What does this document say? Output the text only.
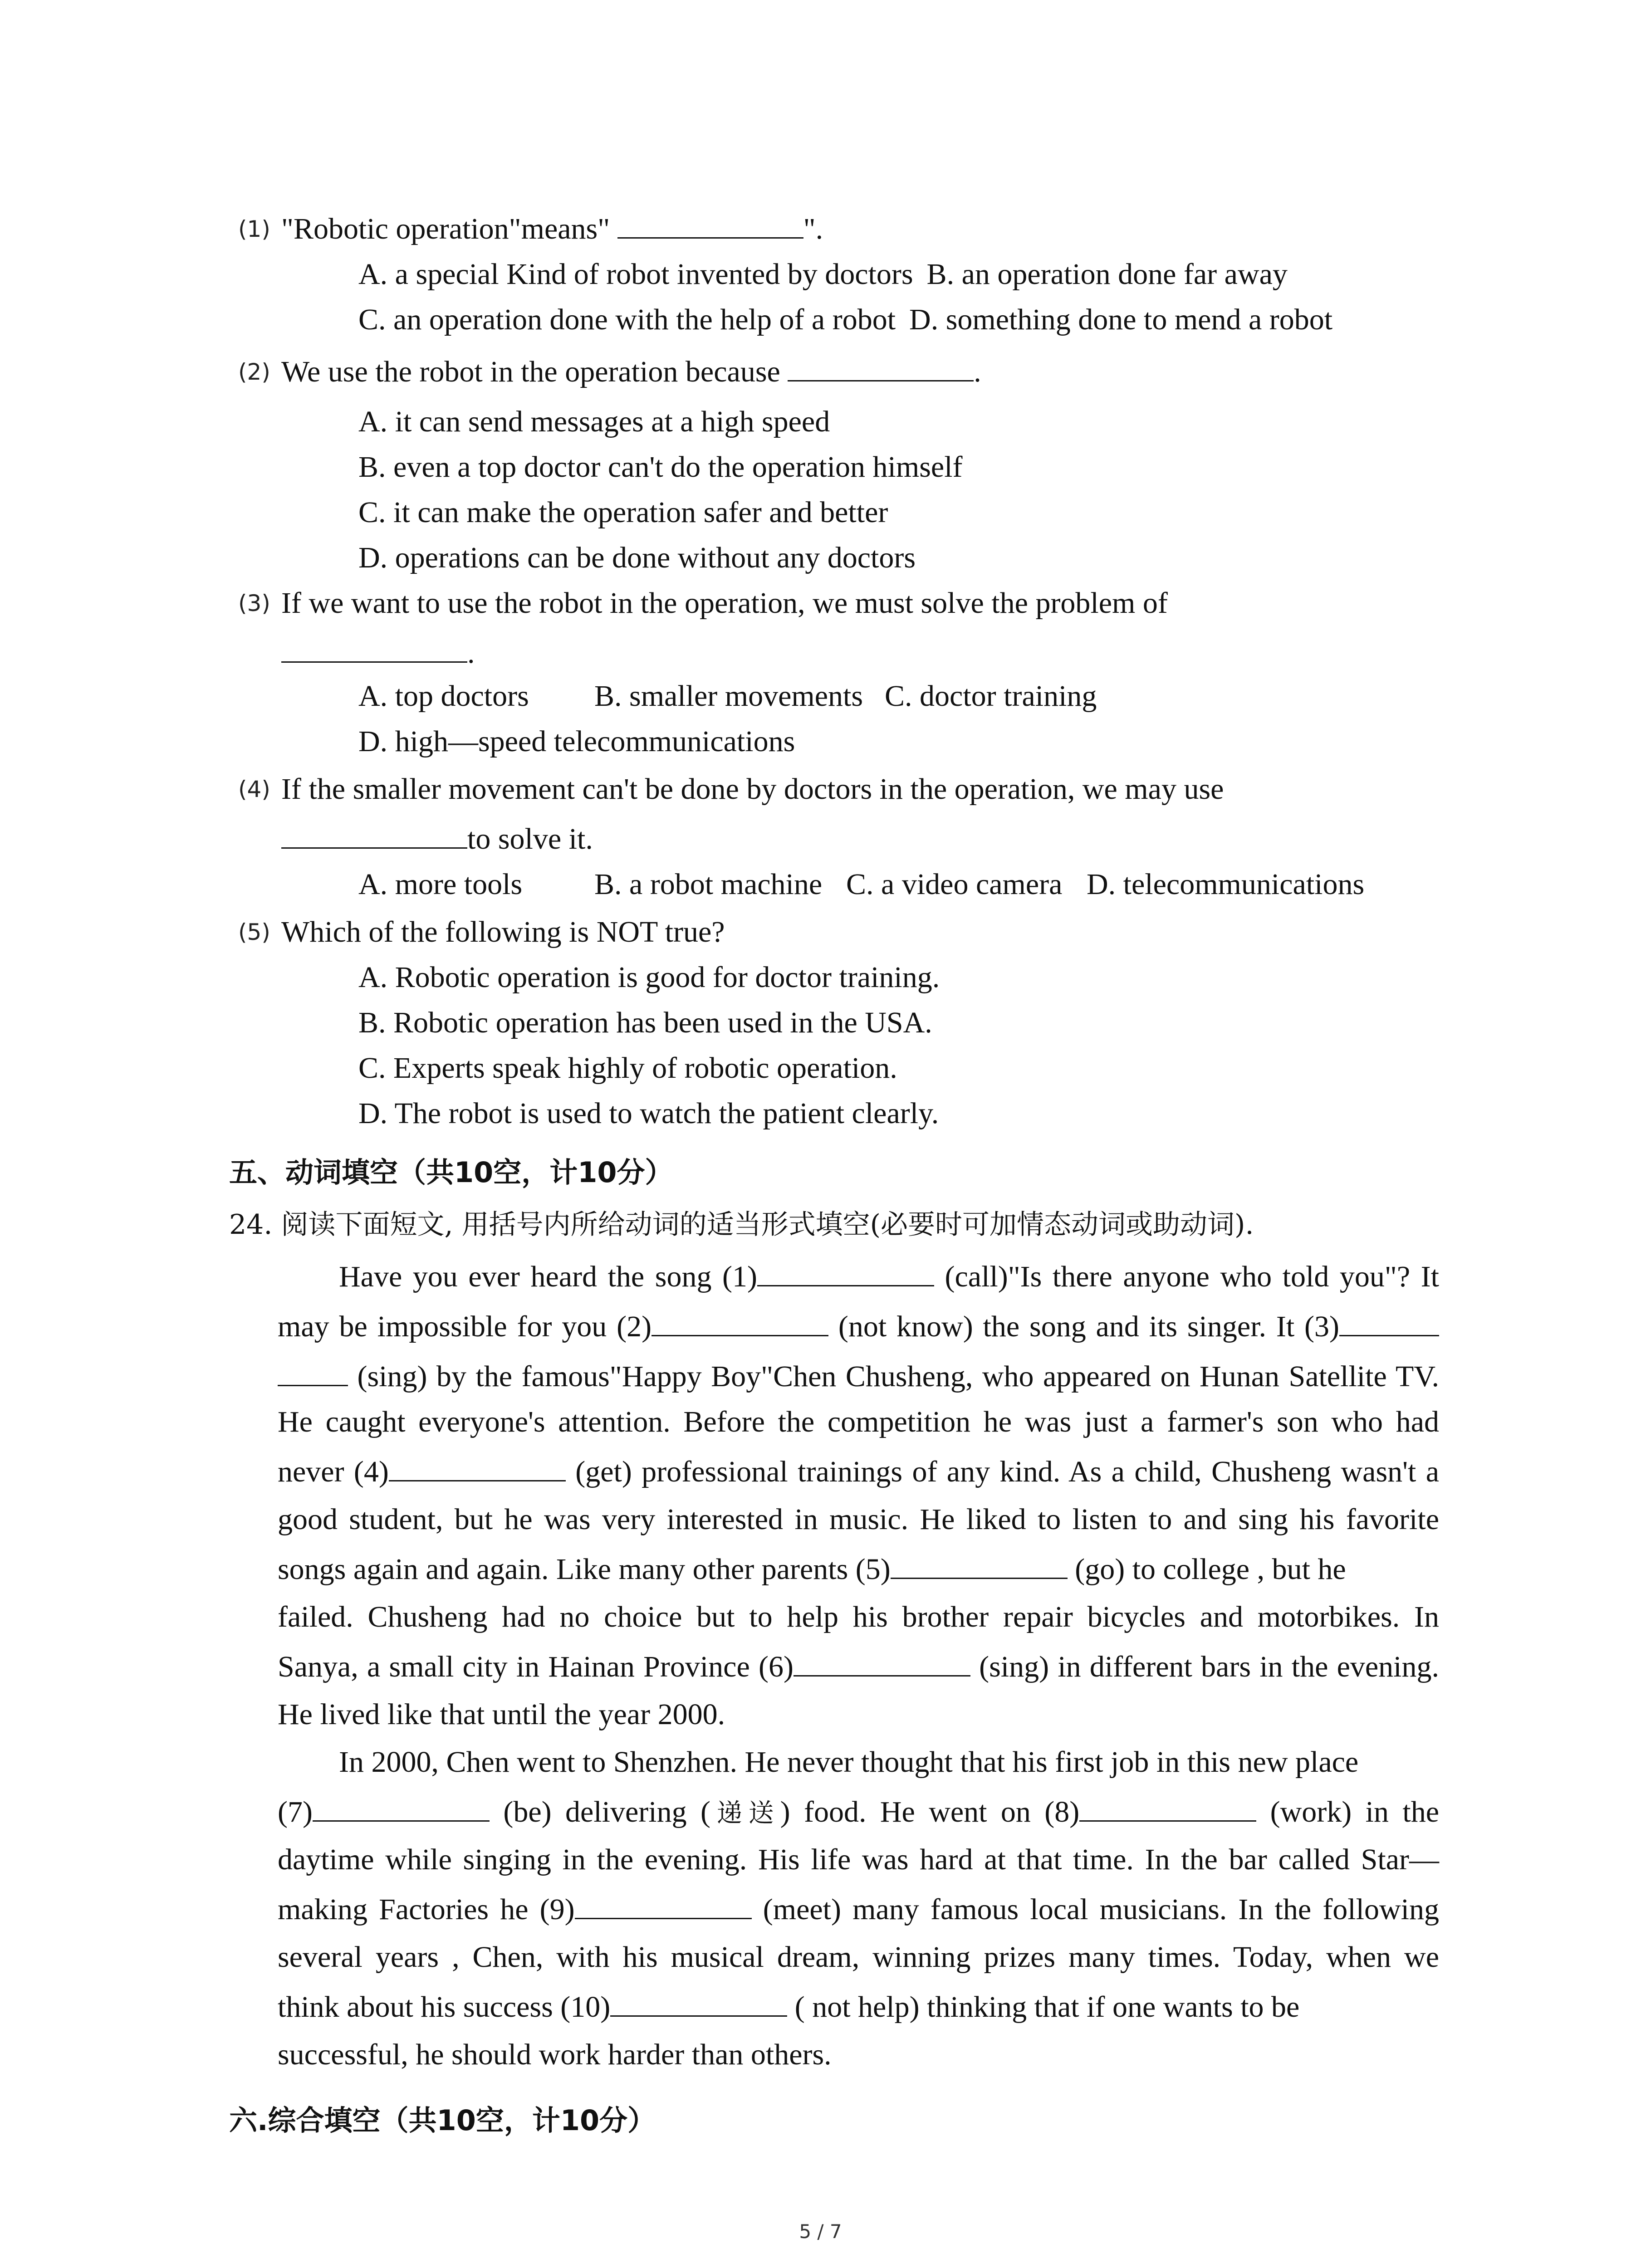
(1) "Robotic operation"means"	".
A. a special Kind of robot invented by doctors B. an operation done far away
C. an operation done with the help of a robot D. something done to mend a robot
(2) We use the robot in the operation because	.
A. it can send messages at a high speed
B. even a top doctor can't do the operation himself
C. it can make the operation safer and better
D. operations can be done without any doctors
(3) If we want to use the robot in the operation, we must solve the problem of
.
A. top doctors B. smaller movements C. doctor training
D. high—speed telecommunications
(4) If the smaller movement can't be done by doctors in the operation, we may use
to solve it.
A. more tools B. a robot machine C. a video camera D. telecommunications
(5) Which of the following is NOT true?
A. Robotic operation is good for doctor training.
B. Robotic operation has been used in the USA.
C. Experts speak highly of robotic operation.
D. The robot is used to watch the patient clearly.
五、动词填空（共10空，计10分）
24. 阅读下面短文, 用括号内所给动词的适当形式填空(必要时可加情态动词或助动词).
Have you ever heard the song (1)	(call)"Is there anyone who told you"? It
may be impossible for you (2)	(not know) the song and its singer. It (3)
(sing) by the famous"Happy Boy"Chen Chusheng, who appeared on Hunan Satellite TV.
He caught everyone's attention. Before the competition he was just a farmer's son who had
never (4)	(get) professional trainings of any kind. As a child, Chusheng wasn't a
good student, but he was very interested in music. He liked to listen to and sing his favorite
songs again and again. Like many other parents (5)	(go) to college , but he
failed. Chusheng had no choice but to help his brother repair bicycles and motorbikes. In
Sanya, a small city in Hainan Province (6)	(sing) in different bars in the evening.
He lived like that until the year 2000.
In 2000, Chen went to Shenzhen. He never thought that his first job in this new place
(7)	(be) delivering (递送) food. He went on (8)	(work) in the
daytime while singing in the evening. His life was hard at that time. In the bar called Star—
making Factories he (9)	(meet) many famous local musicians. In the following
several years , Chen, with his musical dream, winning prizes many times. Today, when we
think about his success (10)	( not help) thinking that if one wants to be
successful, he should work harder than others.
六.综合填空（共10空，计10分）
5 / 7
